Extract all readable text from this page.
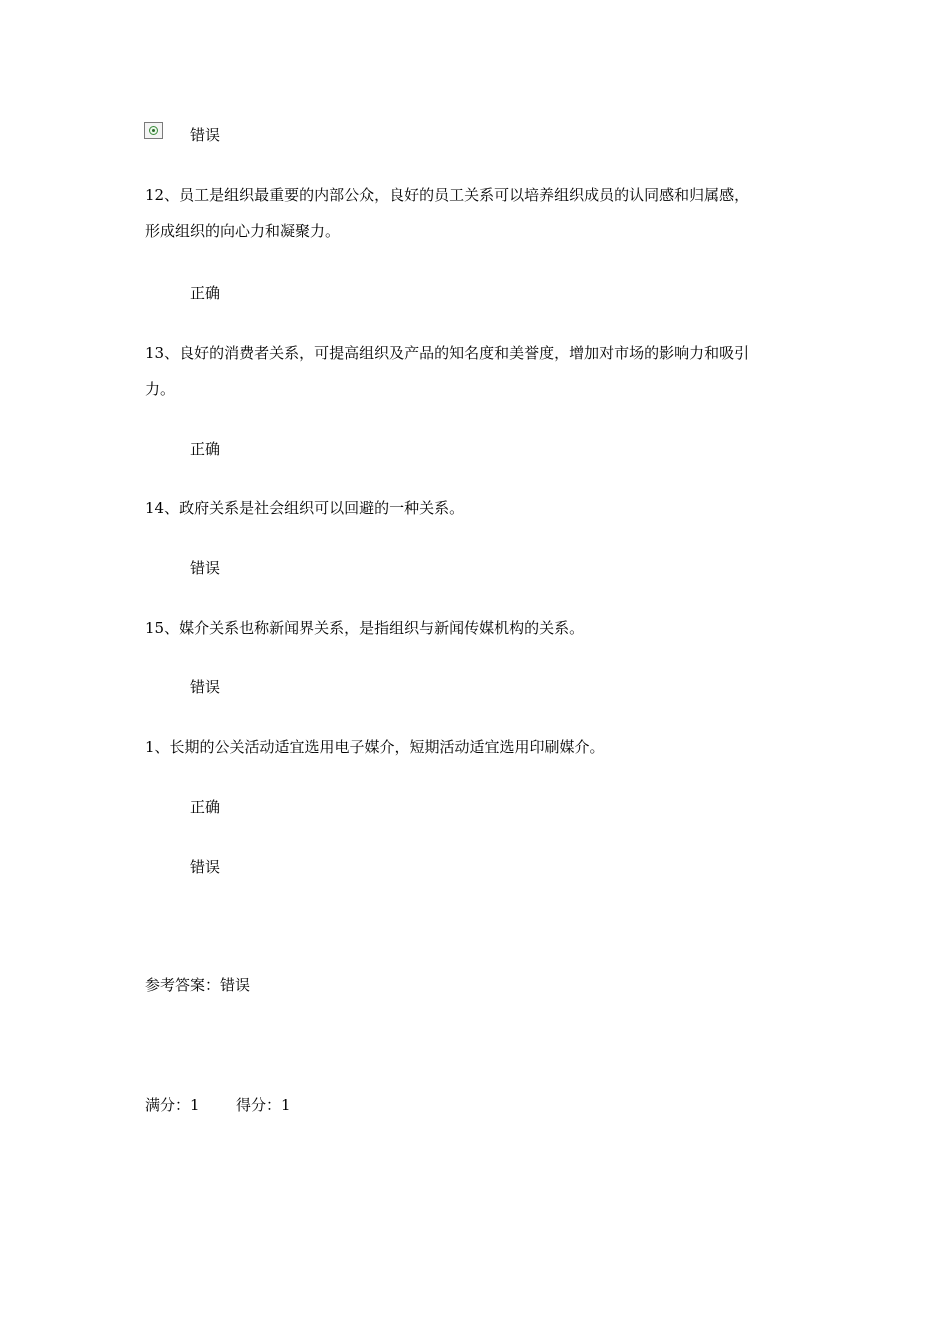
错误
12、员工是组织最重要的内部公众，良好的员工关系可以培养组织成员的认同感和归属感，
形成组织的向心力和凝聚力。
正确
13、良好的消费者关系，可提高组织及产品的知名度和美誉度，增加对市场的影响力和吸引
力。
正确
14、政府关系是社会组织可以回避的一种关系。
错误
15、媒介关系也称新闻界关系，是指组织与新闻传媒机构的关系。
错误
1、长期的公关活动适宜选用电子媒介，短期活动适宜选用印刷媒介。
正确
错误
参考答案：错误
满分：1 得分：1
